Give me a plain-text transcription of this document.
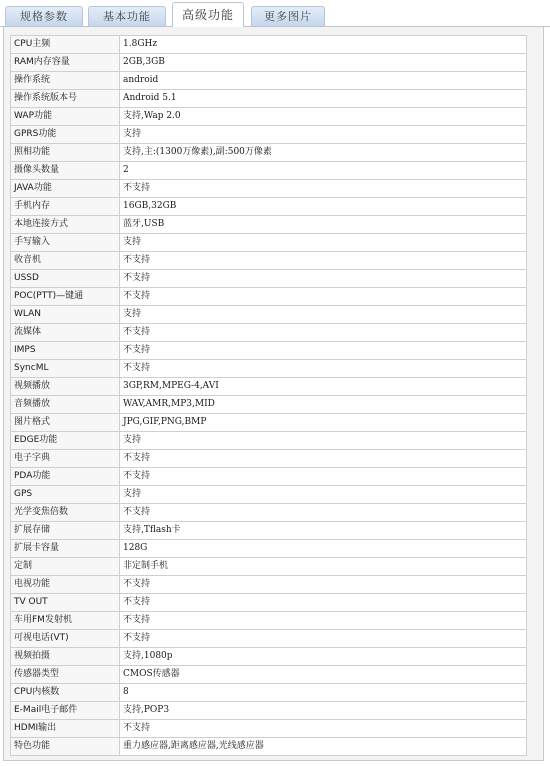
规格参数	基本功能	高级功能	更多图片
CPU主频	1.8GHz
RAM内存容量	2GB,3GB
操作系统	android
操作系统版本号	Android 5.1
WAP功能	支持,Wap 2.0
GPRS功能	支持
照相功能	支持,主:(1300万像素),副:500万像素
摄像头数量	2
JAVA功能	不支持
手机内存	16GB,32GB
本地连接方式	蓝牙,USB
手写输入	支持
收音机	不支持
USSD	不支持
POC(PTT)—键通	不支持
WLAN	支持
流媒体	不支持
IMPS	不支持
SyncML	不支持
视频播放	3GP,RM,MPEG-4,AVI
音频播放	WAV,AMR,MP3,MID
图片格式	JPG,GIF,PNG,BMP
EDGE功能	支持
电子字典	不支持
PDA功能	不支持
GPS	支持
光学变焦倍数	不支持
扩展存储	支持,Tflash卡
扩展卡容量	128G
定制	非定制手机
电视功能	不支持
TV OUT	不支持
车用FM发射机	不支持
可视电话(VT)	不支持
视频拍摄	支持,1080p
传感器类型	CMOS传感器
CPU内核数	8
E-Mail电子邮件	支持,POP3
HDMI输出	不支持
特色功能	重力感应器,距离感应器,光线感应器
